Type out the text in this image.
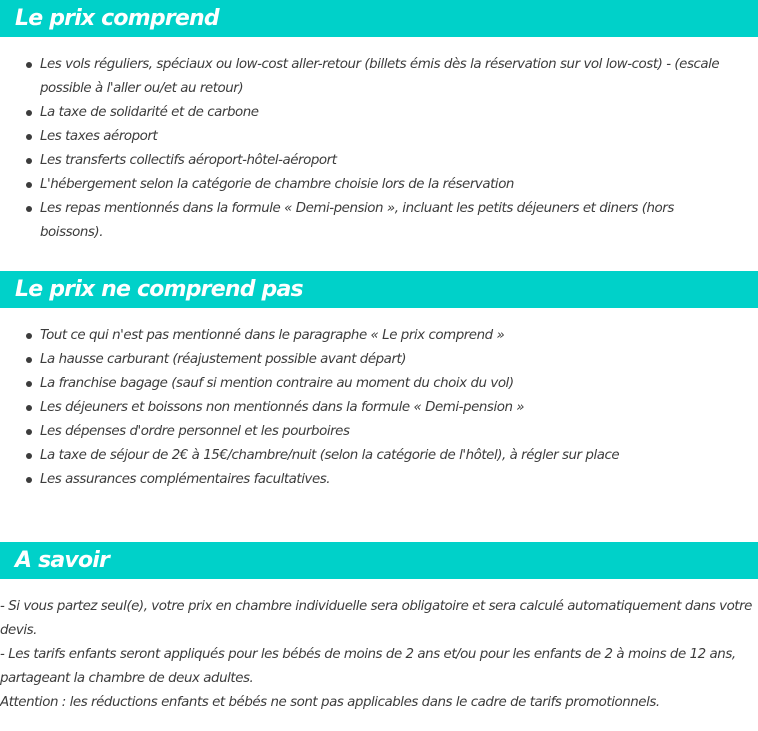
Le prix comprend
Les vols réguliers, spéciaux ou low-cost aller-retour (billets émis dès la réservation sur vol low-cost) - (escale possible à l'aller ou/et au retour)
La taxe de solidarité et de carbone
Les taxes aéroport
Les transferts collectifs aéroport-hôtel-aéroport
L'hébergement selon la catégorie de chambre choisie lors de la réservation
Les repas mentionnés dans la formule « Demi-pension », incluant les petits déjeuners et diners (hors boissons).
Le prix ne comprend pas
Tout ce qui n'est pas mentionné dans le paragraphe « Le prix comprend »
La hausse carburant (réajustement possible avant départ)
La franchise bagage (sauf si mention contraire au moment du choix du vol)
Les déjeuners et boissons non mentionnés dans la formule « Demi-pension »
Les dépenses d'ordre personnel et les pourboires
La taxe de séjour de 2€ à 15€/chambre/nuit (selon la catégorie de l'hôtel), à régler sur place
Les assurances complémentaires facultatives.
A savoir

- Si vous partez seul(e), votre prix en chambre individuelle sera obligatoire et sera calculé automatiquement dans votre devis.

- Les tarifs enfants seront appliqués pour les bébés de moins de 2 ans et/ou pour les enfants de 2 à moins de 12 ans, partageant la chambre de deux adultes.

Attention : les réductions enfants et bébés ne sont pas applicables dans le cadre de tarifs promotionnels.
